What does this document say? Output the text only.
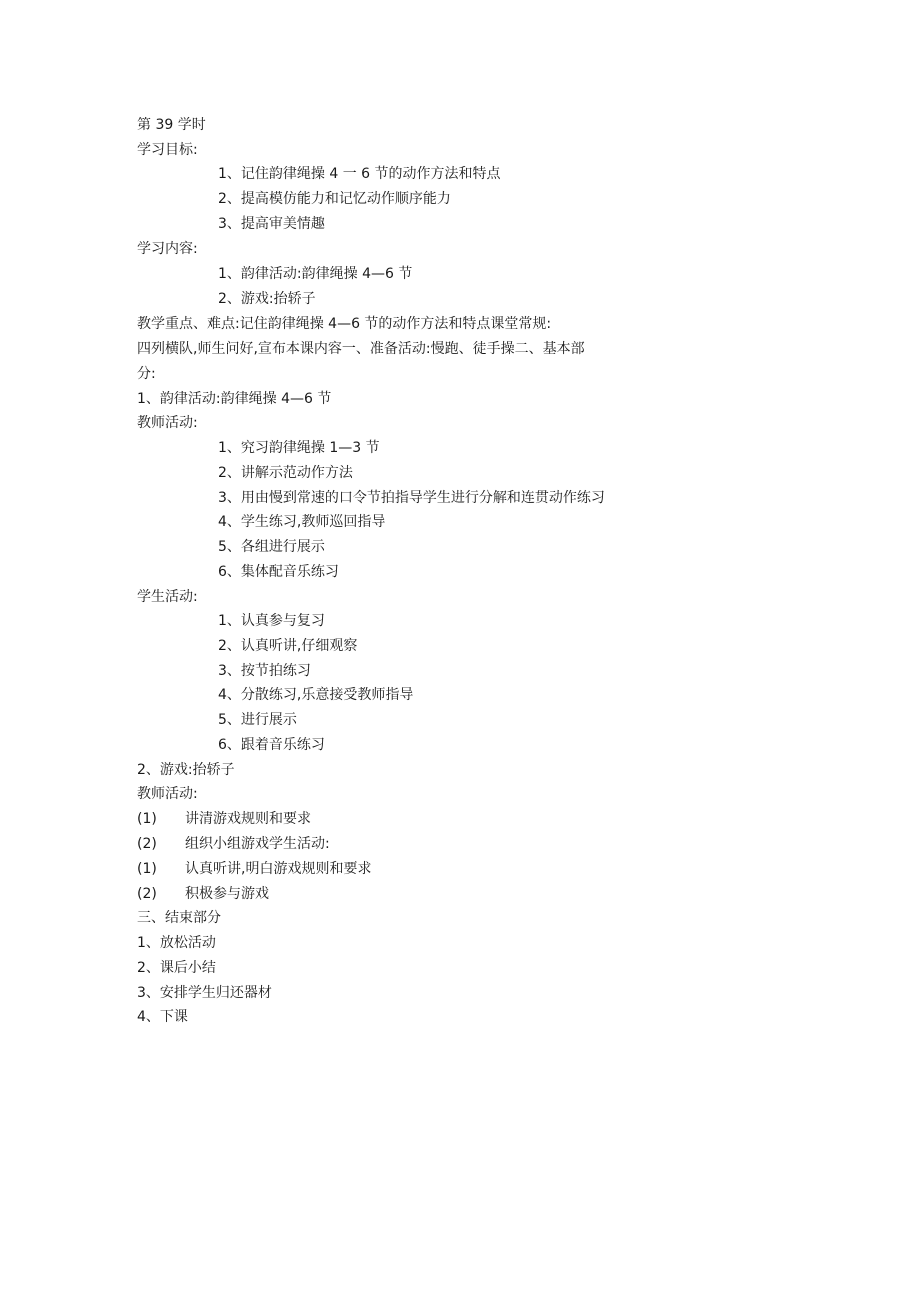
第 39 学时
学习目标:
1、记住韵律绳操 4 一 6 节的动作方法和特点
2、提高模仿能力和记忆动作顺序能力
3、提高审美情趣
学习内容:
1、韵律活动:韵律绳操 4—6 节
2、游戏:抬轿子
教学重点、难点:记住韵律绳操 4—6 节的动作方法和特点课堂常规:
四列横队,师生问好,宣布本课内容一、准备活动:慢跑、徒手操二、基本部
分:
1、韵律活动:韵律绳操 4—6 节
教师活动:
1、究习韵律绳操 1—3 节
2、讲解示范动作方法
3、用由慢到常速的口令节拍指导学生进行分解和连贯动作练习
4、学生练习,教师巡回指导
5、各组进行展示
6、集体配音乐练习
学生活动:
1、认真参与复习
2、认真听讲,仔细观察
3、按节拍练习
4、分散练习,乐意接受教师指导
5、进行展示
6、跟着音乐练习
2、游戏:抬轿子
教师活动:
(1) 讲清游戏规则和要求
(2) 组织小组游戏学生活动:
(1) 认真听讲,明白游戏规则和要求
(2) 积极参与游戏
三、结束部分
1、放松活动
2、课后小结
3、安排学生归还器材
4、下课
